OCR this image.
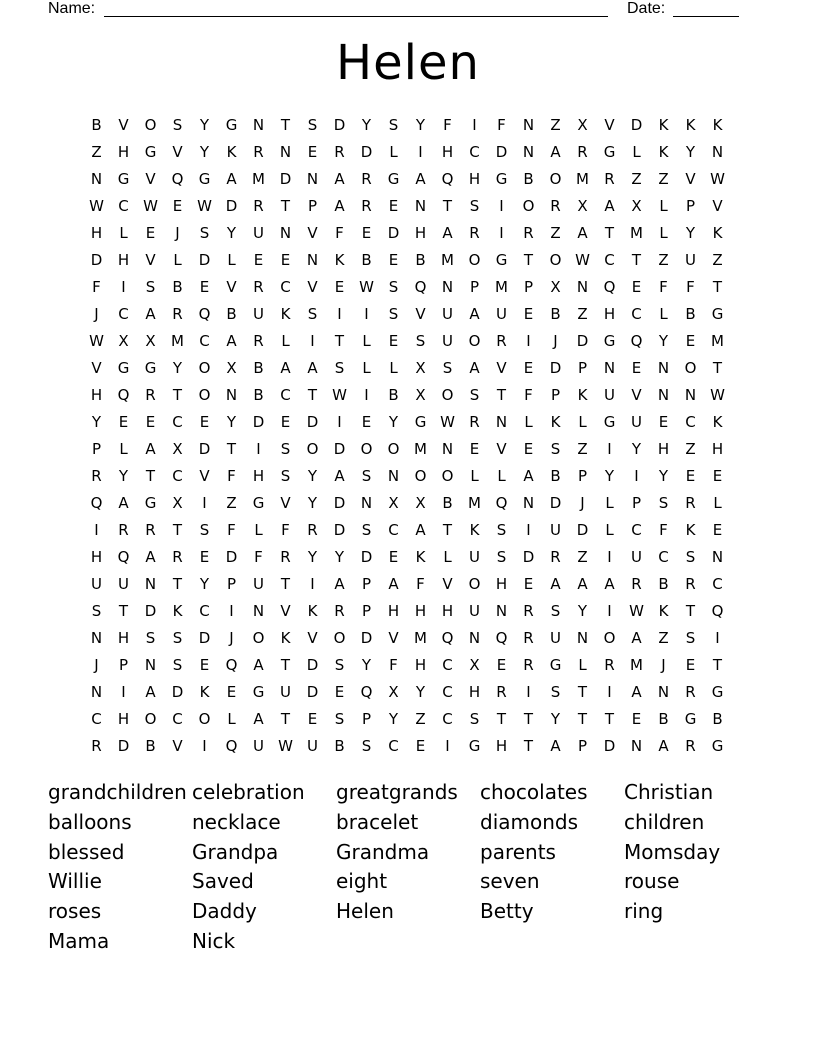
Name:	Date:
Helen
B	V	O	S	Y	G	N	T	S	D	Y	S	Y	F	I	F	N	Z	X	V	D	K	K	K
Z	H	G	V	Y	K	R	N	E	R	D	L	I	H	C	D	N	A	R	G	L	K	Y	N
N	G	V	Q	G	A	M D	N	A	R	G	A	Q	H	G	B	O M	R	Z	Z	V W
W C W E W D	R	T	P	A	R	E	N	T	S	I	O	R	X	A	X	L	P	V
H	L	E	J	S	Y	U	N	V	F	E	D	H	A	R	I	R	Z	A	T	M	L	Y	K
D	H	V	L	D	L	E	E	N	K	B	E	B	M O	G	T	O W C	T	Z	U	Z
F	I	S	B	E	V	R	C	V	E W S	Q	N	P	M	P	X	N	Q	E	F	F	T
J	C	A	R	Q	B	U	K	S	I	I	S	V	U	A	U	E	B	Z	H	C	L	B	G
W X	X	M	C	A	R	L	I	T	L	E	S	U	O	R	I	J	D	G	Q	Y	E	M
V	G	G	Y	O	X	B	A	A	S	L	L	X	S	A	V	E	D	P	N	E	N	O	T
H	Q	R	T	O	N	B	C	T	W	I	B	X	O	S	T	F	P	K	U	V	N	N W
Y	E	E	C	E	Y	D	E	D	I	E	Y	G W R	N	L	K	L	G	U	E	C	K
P	L	A	X	D	T	I	S	O	D	O	O M N	E	V	E	S	Z	I	Y	H	Z	H
R	Y	T	C	V	F	H	S	Y	A	S	N	O	O	L	L	A	B	P	Y	I	Y	E	E
Q	A	G	X	I	Z	G	V	Y	D	N	X	X	B	M Q	N	D	J	L	P	S	R	L
I	R	R	T	S	F	L	F	R	D	S	C	A	T	K	S	I	U	D	L	C	F	K	E
H	Q	A	R	E	D	F	R	Y	Y	D	E	K	L	U	S	D	R	Z	I	U	C	S	N
U	U	N	T	Y	P	U	T	I	A	P	A	F	V	O	H	E	A	A	A	R	B	R	C
S	T	D	K	C	I	N	V	K	R	P	H	H	H	U	N	R	S	Y	I	W K	T	Q
N	H	S	S	D	J	O	K	V	O	D	V	M Q	N	Q	R	U	N	O	A	Z	S	I
J	P	N	S	E	Q	A	T	D	S	Y	F	H	C	X	E	R	G	L	R	M	J	E	T
N	I	A	D	K	E	G	U	D	E	Q	X	Y	C	H	R	I	S	T	I	A	N	R	G
C	H	O	C	O	L	A	T	E	S	P	Y	Z	C	S	T	T	Y	T	T	E	B	G	B
R	D	B	V	I	Q	U W U	B	S	C	E	I	G	H	T	A	P	D	N	A	R	G
grandchildren celebration	greatgrands	chocolates	Christian
balloons	necklace	bracelet	diamonds	children
blessed	Grandpa	Grandma	parents	Momsday
Willie	Saved	eight	seven	rouse
roses	Daddy	Helen	Betty	ring
Mama	Nick
